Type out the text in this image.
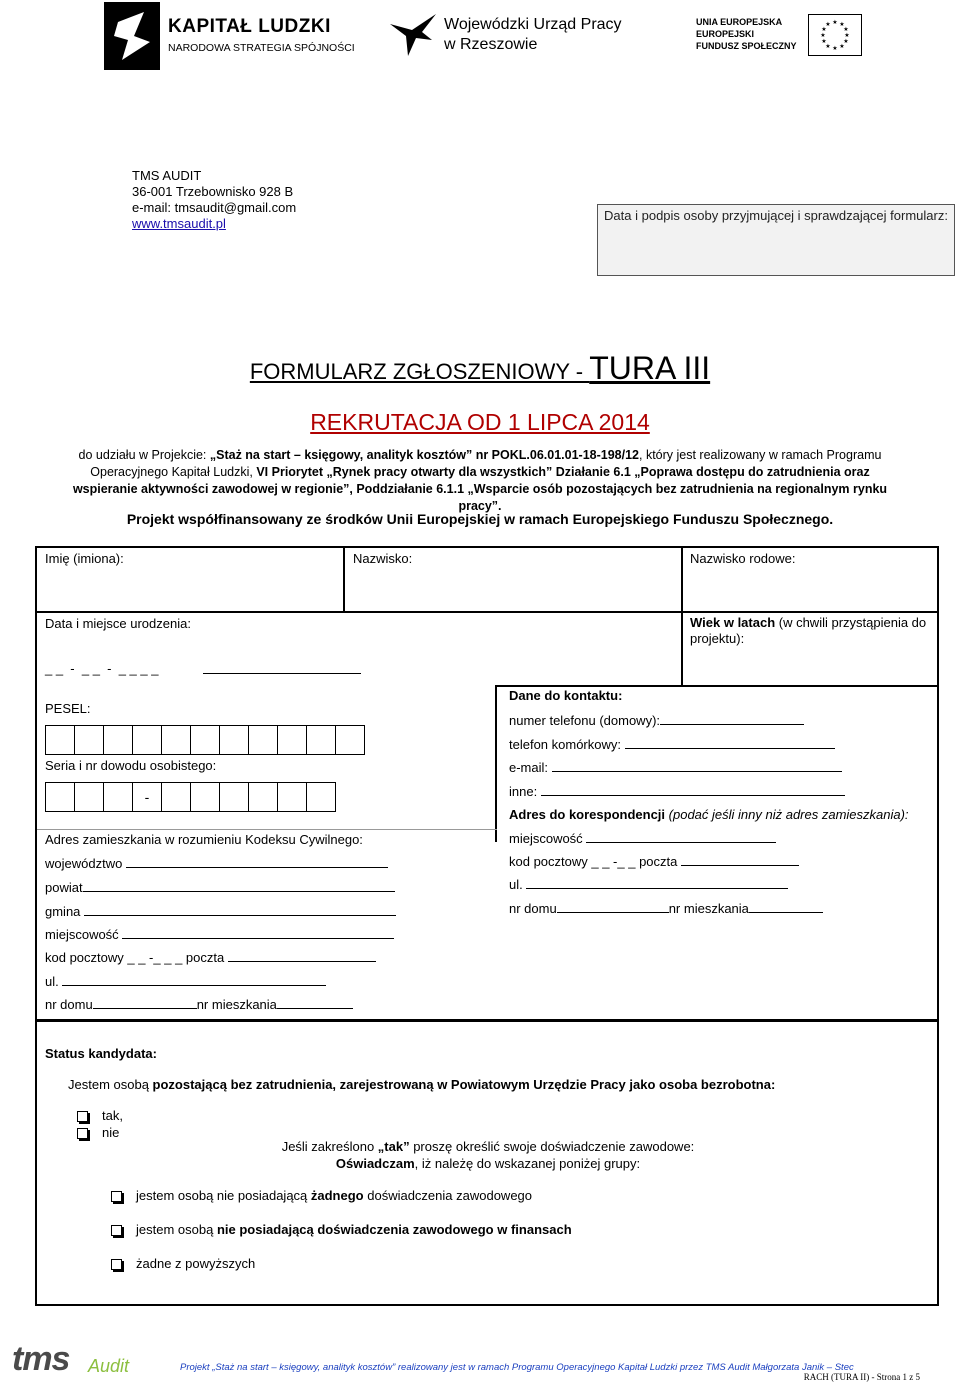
KAPITAŁ LUDZKI
NARODOWA STRATEGIA SPÓJNOŚCI
Wojewódzki Urząd Pracy
w Rzeszowie
UNIA EUROPEJSKA
EUROPEJSKI
FUNDUSZ SPOŁECZNY
★ ★
★
★
★
★
★
★
★
★
★
★
TMS AUDIT
36-001 Trzebownisko 928 B
e-mail: tmsaudit@gmail.com
www.tmsaudit.pl
Data i podpis osoby przyjmującej i sprawdzającej formularz:
FORMULARZ ZGŁOSZENIOWY - TURA III
REKRUTACJA OD 1 LIPCA 2014
do udziału w Projekcie: „Staż na start – księgowy, analityk kosztów” nr POKL.06.01.01-18-198/12, który jest realizowany w ramach Programu Operacyjnego Kapitał Ludzki, VI Priorytet „Rynek pracy otwarty dla wszystkich” Działanie 6.1 „Poprawa dostępu do zatrudnienia oraz wspieranie aktywności zawodowej w regionie”, Poddziałanie 6.1.1 „Wsparcie osób pozostających bez zatrudnienia na regionalnym rynku pracy”.
Projekt współfinansowany ze środków Unii Europejskiej w ramach Europejskiego Funduszu Społecznego.
Imię (imiona):	Nazwisko:	Nazwisko rodowe:
Data i miejsce urodzenia:	Wiek w latach (w chwili przystąpienia do projektu):
_ _  -  _ _  -  _ _ _ _
PESEL:
Seria i nr dowodu osobistego:
-
Adres zamieszkania w rozumieniu Kodeksu Cywilnego:
województwo
powiat
gmina
miejscowość
kod pocztowy _ _ -_ _ _ poczta
ul.
nr domu	nr mieszkania
Dane do kontaktu:
numer telefonu (domowy):
telefon komórkowy:
e-mail:
inne:
Adres do korespondencji (podać jeśli inny niż adres zamieszkania):
miejscowość
kod pocztowy _ _ -_ _ poczta
ul.
nr domu	nr mieszkania
Status kandydata:
Jestem osobą pozostającą bez zatrudnienia, zarejestrowaną w Powiatowym Urzędzie Pracy jako osoba bezrobotna:
tak,
nie
Jeśli zakreślono „tak” proszę określić swoje doświadczenie zawodowe:
Oświadczam, iż należę do wskazanej poniżej grupy:
jestem osobą nie posiadającą żadnego doświadczenia zawodowego
jestem osobą nie posiadającą doświadczenia zawodowego w finansach
żadne z powyższych
tms Audit	Projekt „Staż na start – księgowy, analityk kosztów” realizowany jest w ramach Programu Operacyjnego Kapitał Ludzki przez TMS Audit Małgorzata Janik – Stec
RACH (TURA II) - Strona 1 z 5
